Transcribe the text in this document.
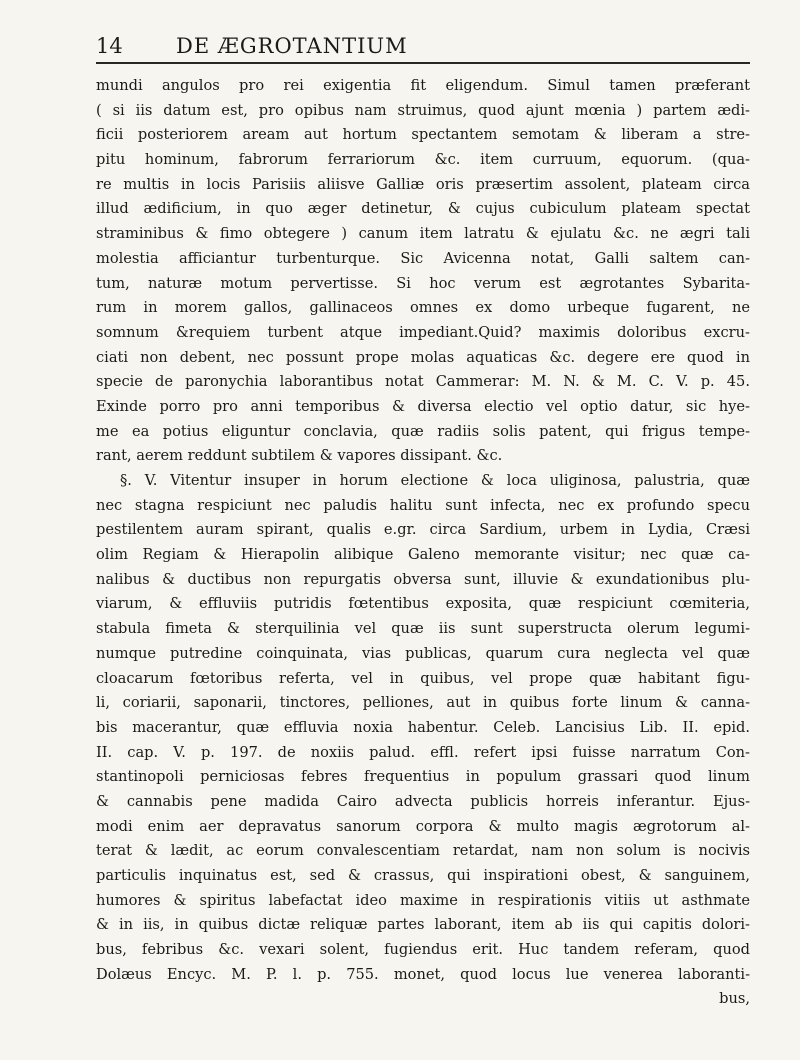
14	DE ÆGROTANTIUM
mundi angulos pro rei exigentia fit eligendum. Simul tamen præferant
( si iis datum est, pro opibus nam struimus, quod ajunt mœnia ) partem ædi-
ficii posteriorem aream aut hortum spectantem semotam & liberam a stre-
pitu hominum, fabrorum ferrariorum &c. item curruum, equorum. (qua-
re multis in locis Parisiis aliisve Galliæ oris præsertim assolent, plateam circa
illud ædificium, in quo æger detinetur, & cujus cubiculum plateam spectat
straminibus & fimo obtegere ) canum item latratu & ejulatu &c. ne ægri tali
molestia afficiantur turbenturque. Sic Avicenna notat, Galli saltem can-
tum, naturæ motum pervertisse. Si hoc verum est ægrotantes Sybarita-
rum in morem gallos, gallinaceos omnes ex domo urbeque fugarent, ne
somnum &requiem turbent atque impediant.Quid? maximis doloribus excru-
ciati non debent, nec possunt prope molas aquaticas &c. degere ere quod in
specie de paronychia laborantibus notat Cammerar: M. N. & M. C. V. p. 45.
Exinde porro pro anni temporibus & diversa electio vel optio datur, sic hye-
me ea potius eliguntur conclavia, quæ radiis solis patent, qui frigus tempe-
rant, aerem reddunt subtilem & vapores dissipant. &c.
§. V. Vitentur insuper in horum electione & loca uliginosa, palustria, quæ
nec stagna respiciunt nec paludis halitu sunt infecta, nec ex profundo specu
pestilentem auram spirant, qualis e.gr. circa Sardium, urbem in Lydia, Cræsi
olim Regiam & Hierapolin alibique Galeno memorante visitur; nec quæ ca-
nalibus & ductibus non repurgatis obversa sunt, illuvie & exundationibus plu-
viarum, & effluviis putridis fœtentibus exposita, quæ respiciunt cœmiteria,
stabula fimeta & sterquilinia vel quæ iis sunt superstructa olerum legumi-
numque putredine coinquinata, vias publicas, quarum cura neglecta vel quæ
cloacarum fœtoribus referta, vel in quibus, vel prope quæ habitant figu-
li, coriarii, saponarii, tinctores, pelliones, aut in quibus forte linum & canna-
bis macerantur, quæ effluvia noxia habentur. Celeb. Lancisius Lib. II. epid.
II. cap. V. p. 197. de noxiis palud. effl. refert ipsi fuisse narratum Con-
stantinopoli perniciosas febres frequentius in populum grassari quod linum
& cannabis pene madida Cairo advecta publicis horreis inferantur. Ejus-
modi enim aer depravatus sanorum corpora & multo magis ægrotorum al-
terat & lædit, ac eorum convalescentiam retardat, nam non solum is nocivis
particulis inquinatus est, sed & crassus, qui inspirationi obest, & sanguinem,
humores & spiritus labefactat ideo maxime in respirationis vitiis ut asthmate
& in iis, in quibus dictæ reliquæ partes laborant, item ab iis qui capitis dolori-
bus, febribus &c. vexari solent, fugiendus erit. Huc tandem referam, quod
Dolæus Encyc. M. P. l. p. 755. monet, quod locus lue venerea laboranti-
bus,
